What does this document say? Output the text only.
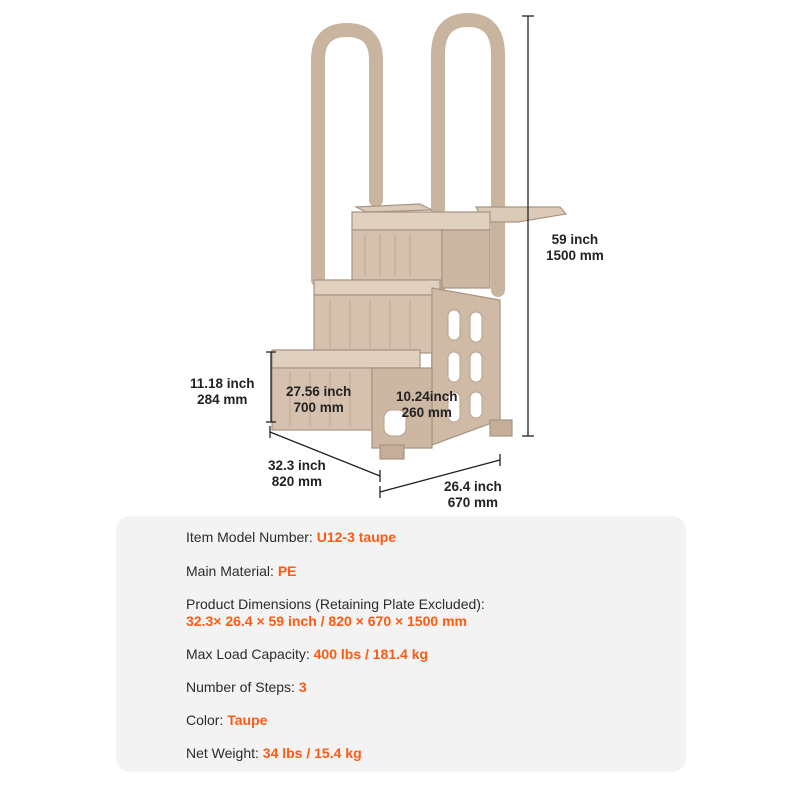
59 inch
1500 mm
11.18 inch
284 mm
27.56 inch
700 mm
10.24inch
260 mm
32.3 inch
820 mm	26.4 inch
670 mm
Item Model Number: U12-3 taupe
Main Material: PE
Product Dimensions (Retaining Plate Excluded):
32.3× 26.4 × 59 inch / 820 × 670 × 1500 mm
Max Load Capacity: 400 lbs / 181.4 kg
Number of Steps: 3
Color: Taupe
Net Weight: 34 lbs / 15.4 kg
